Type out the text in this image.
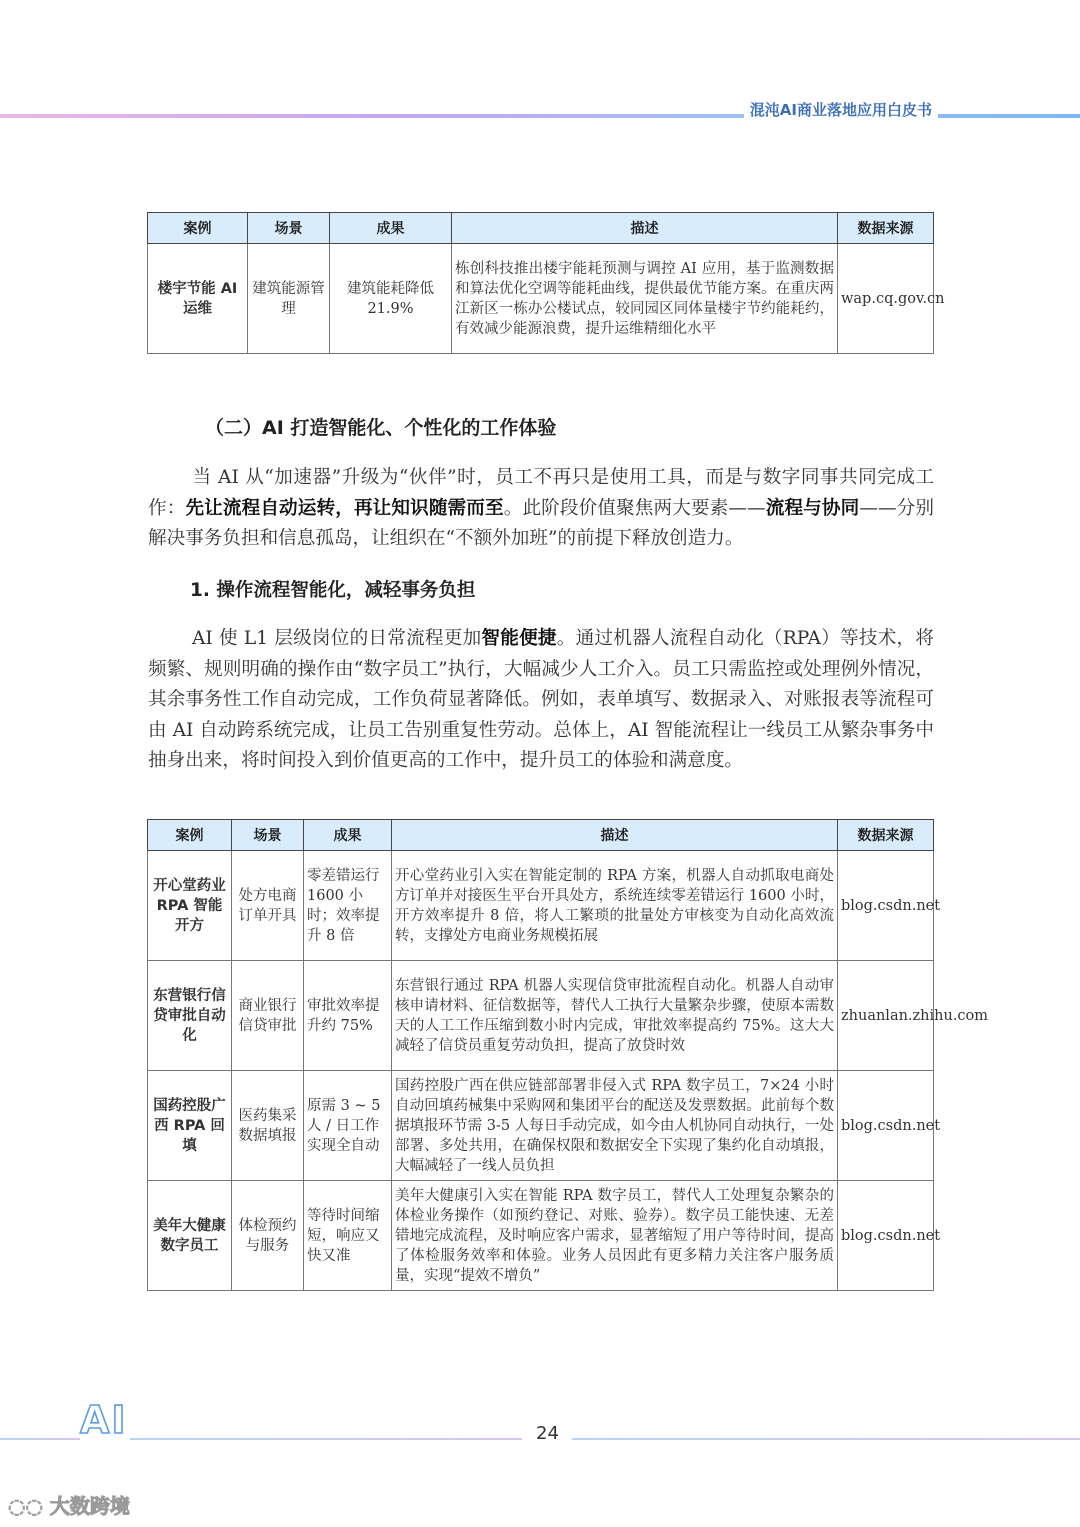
混沌AI商业落地应用白皮书
案例	场景	成果	描述	数据来源
楼宇节能 AI 运维	建筑能源管理	建筑能耗降低 21.9%	栋创科技推出楼宇能耗预测与调控 AI 应用，基于监测数据和算法优化空调等能耗曲线，提供最优节能方案。在重庆两江新区一栋办公楼试点，较同园区同体量楼宇节约能耗约，有效减少能源浪费，提升运维精细化水平	wap.cq.gov.cn
（二）AI 打造智能化、个性化的工作体验
当 AI 从“加速器”升级为“伙伴”时，员工不再只是使用工具，而是与数字同事共同完成工作：先让流程自动运转，再让知识随需而至。此阶段价值聚焦两大要素——流程与协同——分别解决事务负担和信息孤岛，让组织在“不额外加班”的前提下释放创造力。
1. 操作流程智能化，减轻事务负担
AI 使 L1 层级岗位的日常流程更加智能便捷。通过机器人流程自动化（RPA）等技术，将频繁、规则明确的操作由“数字员工”执行，大幅减少人工介入。员工只需监控或处理例外情况，其余事务性工作自动完成，工作负荷显著降低。例如，表单填写、数据录入、对账报表等流程可由 AI 自动跨系统完成，让员工告别重复性劳动。总体上，AI 智能流程让一线员工从繁杂事务中抽身出来，将时间投入到价值更高的工作中，提升员工的体验和满意度。
案例	场景	成果	描述	数据来源
开心堂药业 RPA 智能开方	处方电商订单开具	零差错运行 1600 小时；效率提升 8 倍	开心堂药业引入实在智能定制的 RPA 方案，机器人自动抓取电商处方订单并对接医生平台开具处方，系统连续零差错运行 1600 小时，开方效率提升 8 倍，将人工繁琐的批量处方审核变为自动化高效流转，支撑处方电商业务规模拓展	blog.csdn.net
东营银行信贷审批自动化	商业银行信贷审批	审批效率提升约 75%	东营银行通过 RPA 机器人实现信贷审批流程自动化。机器人自动审核申请材料、征信数据等，替代人工执行大量繁杂步骤，使原本需数天的人工工作压缩到数小时内完成，审批效率提高约 75%。这大大减轻了信贷员重复劳动负担，提高了放贷时效	zhuanlan.zhihu.com
国药控股广西 RPA 回填	医药集采数据填报	原需 3 ~ 5 人 / 日工作实现全自动	国药控股广西在供应链部部署非侵入式 RPA 数字员工，7×24 小时自动回填药械集中采购网和集团平台的配送及发票数据。此前每个数据填报环节需 3-5 人每日手动完成，如今由人机协同自动执行，一处部署、多处共用，在确保权限和数据安全下实现了集约化自动填报，大幅减轻了一线人员负担	blog.csdn.net
美年大健康数字员工	体检预约与服务	等待时间缩短，响应又快又准	美年大健康引入实在智能 RPA 数字员工，替代人工处理复杂繁杂的体检业务操作（如预约登记、对账、验券）。数字员工能快速、无差错地完成流程，及时响应客户需求，显著缩短了用户等待时间，提高了体检服务效率和体验。业务人员因此有更多精力关注客户服务质量，实现“提效不增负”	blog.csdn.net
AI	24
◌◌ 大数跨境
